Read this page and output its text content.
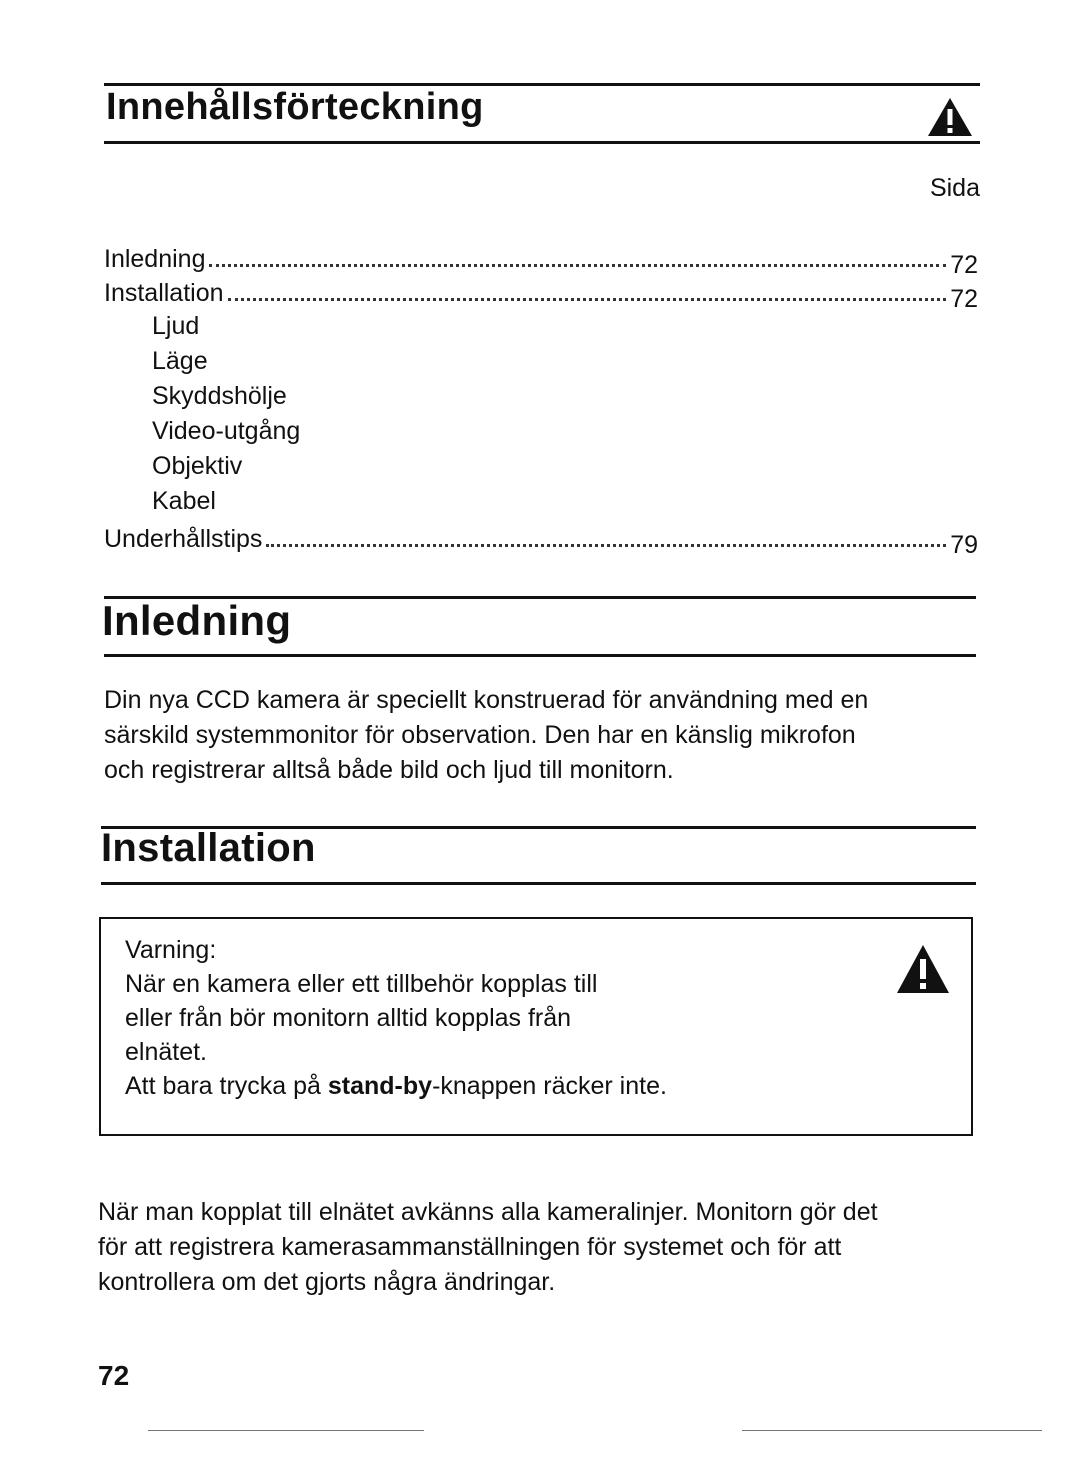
Innehållsförteckning
Sida
Inledning	72
Installation	72
Ljud
Läge
Skyddshölje
Video-utgång
Objektiv
Kabel
Underhållstips	79
Inledning
Din nya CCD kamera är speciellt konstruerad för användning med en
särskild systemmonitor för observation. Den har en känslig mikrofon
och registrerar alltså både bild och ljud till monitorn.
Installation
Varning:
När en kamera eller ett tillbehör kopplas till
eller från bör monitorn alltid kopplas från
elnätet.
Att bara trycka på stand-by-knappen räcker inte.
När man kopplat till elnätet avkänns alla kameralinjer. Monitorn gör det
för att registrera kamerasammanställningen för systemet och för att
kontrollera om det gjorts några ändringar.
72
